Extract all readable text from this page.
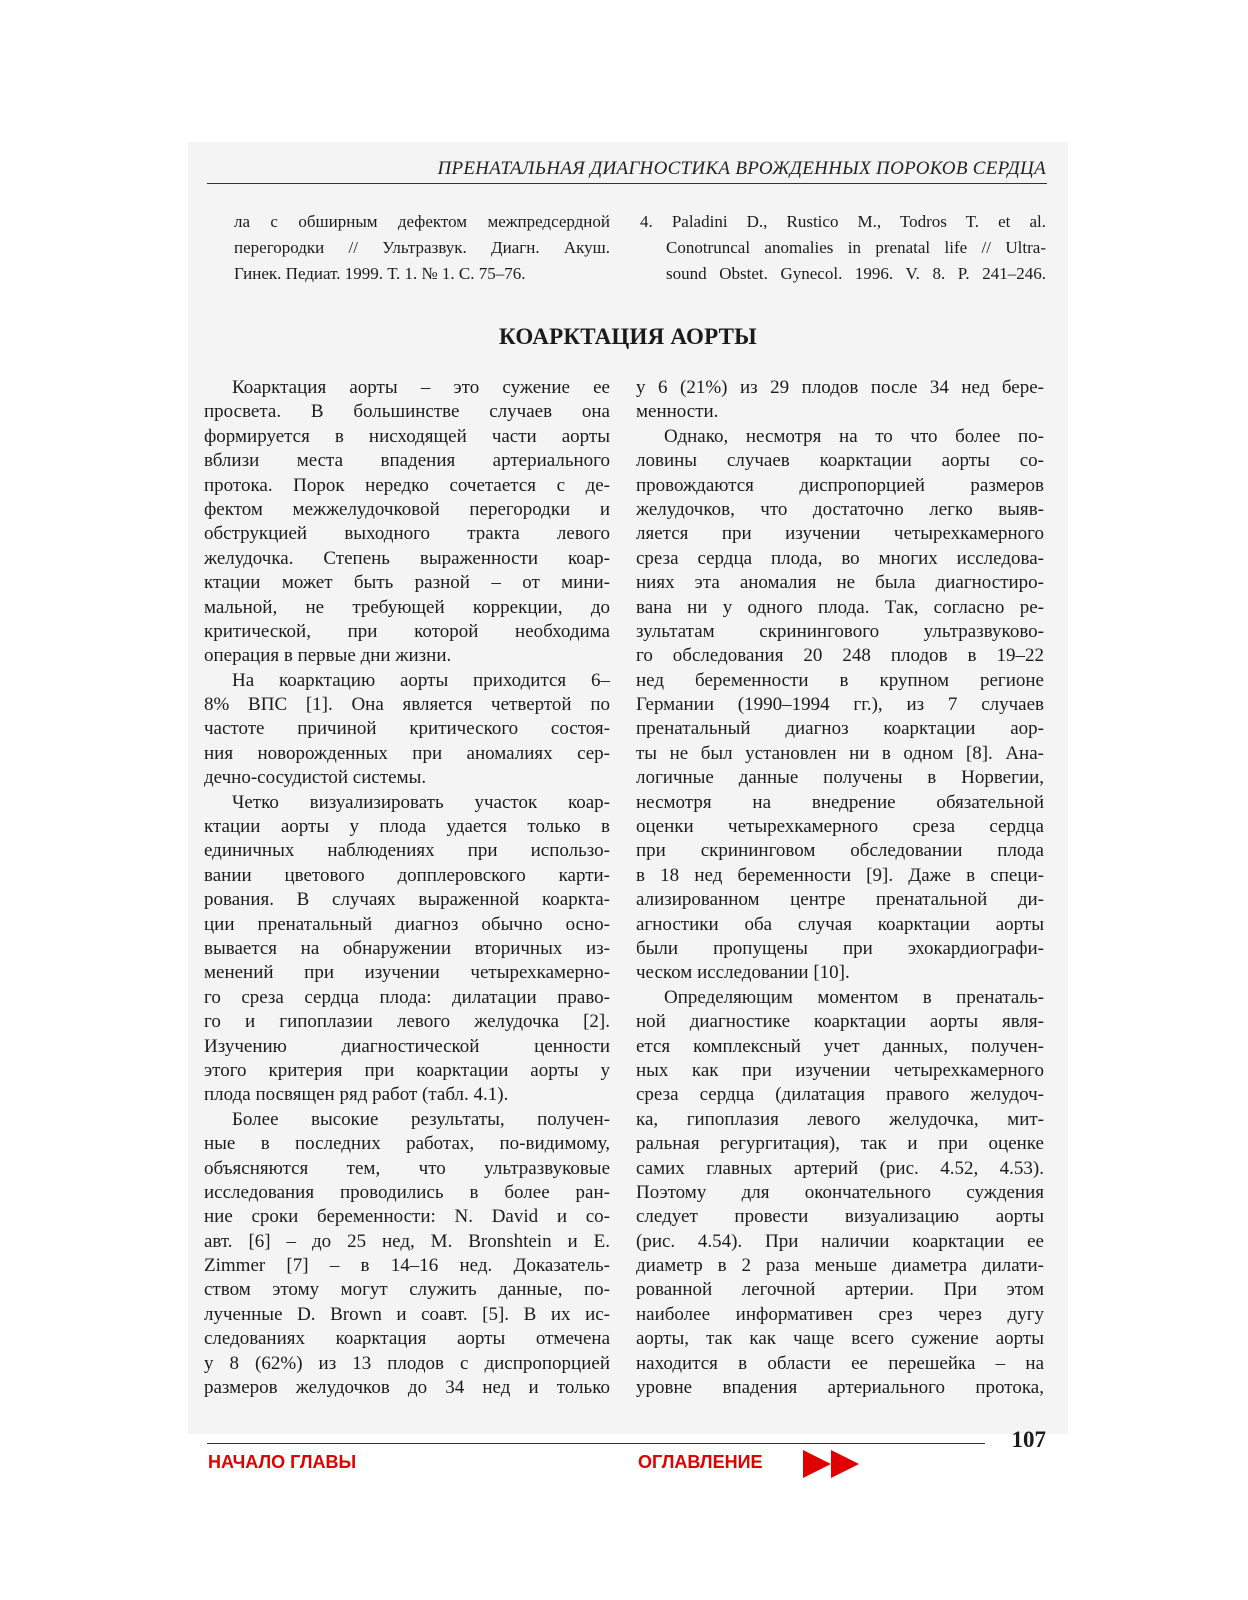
ПРЕНАТАЛЬНАЯ ДИАГНОСТИКА ВРОЖДЕННЫХ ПОРОКОВ СЕРДЦА
ла с обширным дефектом межпредсердной
перегородки // Ультразвук. Диагн. Акуш.
Гинек. Педиат. 1999. Т. 1. № 1. С. 75–76.
4. Paladini D., Rustico M., Todros T. et al.
Conotruncal anomalies in prenatal life // Ultra-
sound Obstet. Gynecol. 1996. V. 8. P. 241–246.
КОАРКТАЦИЯ АОРТЫ
Коарктация аорты – это сужение ее
просвета. В большинстве случаев она
формируется в нисходящей части аорты
вблизи места впадения артериального
протока. Порок нередко сочетается с де-
фектом межжелудочковой перегородки и
обструкцией выходного тракта левого
желудочка. Степень выраженности коар-
ктации может быть разной – от мини-
мальной, не требующей коррекции, до
критической, при которой необходима
операция в первые дни жизни.
На коарктацию аорты приходится 6–
8% ВПС [1]. Она является четвертой по
частоте причиной критического состоя-
ния новорожденных при аномалиях сер-
дечно-сосудистой системы.
Четко визуализировать участок коар-
ктации аорты у плода удается только в
единичных наблюдениях при использо-
вании цветового допплеровского карти-
рования. В случаях выраженной коаркта-
ции пренатальный диагноз обычно осно-
вывается на обнаружении вторичных из-
менений при изучении четырехкамерно-
го среза сердца плода: дилатации право-
го и гипоплазии левого желудочка [2].
Изучению диагностической ценности
этого критерия при коарктации аорты у
плода посвящен ряд работ (табл. 4.1).
Более высокие результаты, получен-
ные в последних работах, по-видимому,
объясняются тем, что ультразвуковые
исследования проводились в более ран-
ние сроки беременности: N. David и со-
авт. [6] – до 25 нед, M. Bronshtein и E.
Zimmer [7] – в 14–16 нед. Доказатель-
ством этому могут служить данные, по-
лученные D. Brown и соавт. [5]. В их ис-
следованиях коарктация аорты отмечена
у 8 (62%) из 13 плодов с диспропорцией
размеров желудочков до 34 нед и только
у 6 (21%) из 29 плодов после 34 нед бере-
менности.
Однако, несмотря на то что более по-
ловины случаев коарктации аорты со-
провождаются диспропорцией размеров
желудочков, что достаточно легко выяв-
ляется при изучении четырехкамерного
среза сердца плода, во многих исследова-
ниях эта аномалия не была диагностиро-
вана ни у одного плода. Так, согласно ре-
зультатам скринингового ультразвуково-
го обследования 20 248 плодов в 19–22
нед беременности в крупном регионе
Германии (1990–1994 гг.), из 7 случаев
пренатальный диагноз коарктации аор-
ты не был установлен ни в одном [8]. Ана-
логичные данные получены в Норвегии,
несмотря на внедрение обязательной
оценки четырехкамерного среза сердца
при скрининговом обследовании плода
в 18 нед беременности [9]. Даже в специ-
ализированном центре пренатальной ди-
агностики оба случая коарктации аорты
были пропущены при эхокардиографи-
ческом исследовании [10].
Определяющим моментом в пренаталь-
ной диагностике коарктации аорты явля-
ется комплексный учет данных, получен-
ных как при изучении четырехкамерного
среза сердца (дилатация правого желудоч-
ка, гипоплазия левого желудочка, мит-
ральная регургитация), так и при оценке
самих главных артерий (рис. 4.52, 4.53).
Поэтому для окончательного суждения
следует провести визуализацию аорты
(рис. 4.54). При наличии коарктации ее
диаметр в 2 раза меньше диаметра дилати-
рованной легочной артерии. При этом
наиболее информативен срез через дугу
аорты, так как чаще всего сужение аорты
находится в области ее перешейка – на
уровне впадения артериального протока,
107
НАЧАЛО ГЛАВЫ	ОГЛАВЛЕНИЕ
